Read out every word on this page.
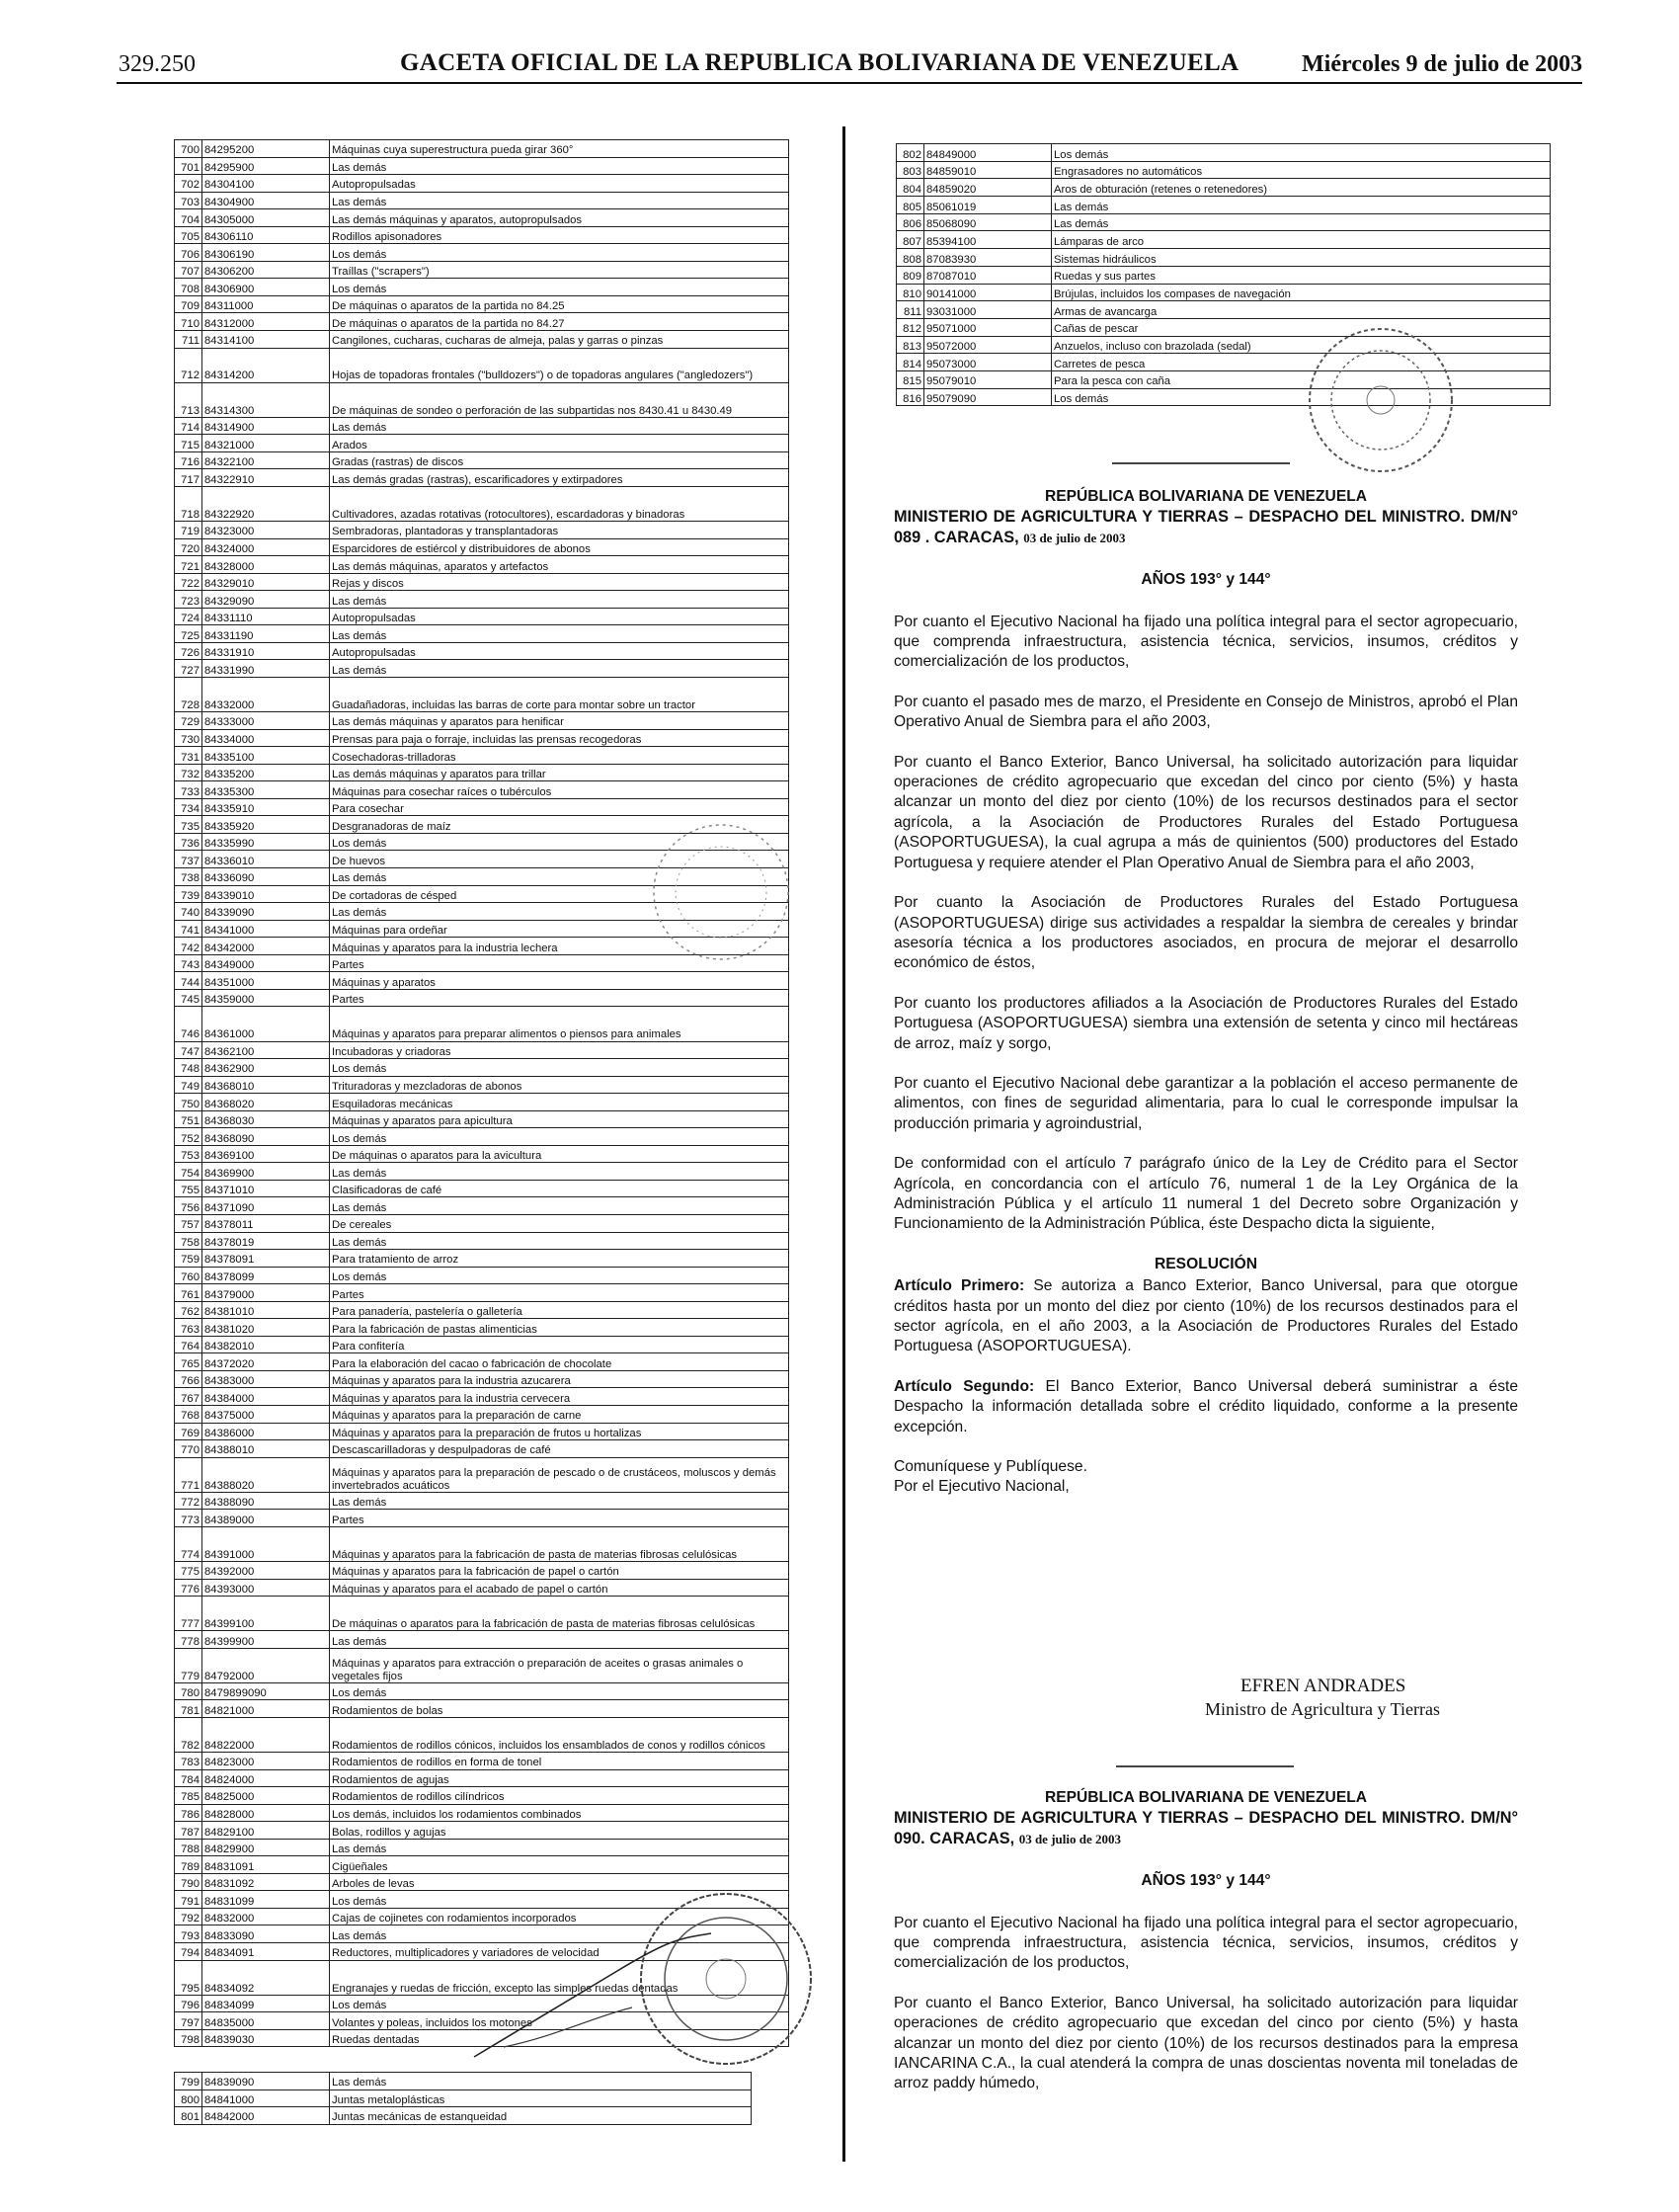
329.250	GACETA OFICIAL DE LA REPUBLICA BOLIVARIANA DE VENEZUELA	Miércoles 9 de julio de 2003
700	84295200	Máquinas cuya superestructura pueda girar 360°
701	84295900	Las demás
702	84304100	Autopropulsadas
703	84304900	Las demás
704	84305000	Las demás máquinas y aparatos, autopropulsados
705	84306110	Rodillos apisonadores
706	84306190	Los demás
707	84306200	Traíllas ("scrapers")
708	84306900	Los demás
709	84311000	De máquinas o aparatos de la partida no 84.25
710	84312000	De máquinas o aparatos de la partida no 84.27
711	84314100	Cangilones, cucharas, cucharas de almeja, palas y garras o pinzas
712	84314200	Hojas de topadoras frontales ("bulldozers") o de topadoras angulares ("angledozers")
713	84314300	De máquinas de sondeo o perforación de las subpartidas nos 8430.41 u 8430.49
714	84314900	Las demás
715	84321000	Arados
716	84322100	Gradas (rastras) de discos
717	84322910	Las demás gradas (rastras), escarificadores y extirpadores
718	84322920	Cultivadores, azadas rotativas (rotocultores), escardadoras y binadoras
719	84323000	Sembradoras, plantadoras y transplantadoras
720	84324000	Esparcidores de estiércol y distribuidores de abonos
721	84328000	Las demás máquinas, aparatos y artefactos
722	84329010	Rejas y discos
723	84329090	Las demás
724	84331110	Autopropulsadas
725	84331190	Las demás
726	84331910	Autopropulsadas
727	84331990	Las demás
728	84332000	Guadañadoras, incluidas las barras de corte para montar sobre un tractor
729	84333000	Las demás máquinas y aparatos para henificar
730	84334000	Prensas para paja o forraje, incluidas las prensas recogedoras
731	84335100	Cosechadoras-trilladoras
732	84335200	Las demás máquinas y aparatos para trillar
733	84335300	Máquinas para cosechar raíces o tubérculos
734	84335910	Para cosechar
735	84335920	Desgranadoras de maíz
736	84335990	Los demás
737	84336010	De huevos
738	84336090	Las demás
739	84339010	De cortadoras de césped
740	84339090	Las demás
741	84341000	Máquinas para ordeñar
742	84342000	Máquinas y aparatos para la industria lechera
743	84349000	Partes
744	84351000	Máquinas y aparatos
745	84359000	Partes
746	84361000	Máquinas y aparatos para preparar alimentos o piensos para animales
747	84362100	Incubadoras y criadoras
748	84362900	Los demás
749	84368010	Trituradoras y mezcladoras de abonos
750	84368020	Esquiladoras mecánicas
751	84368030	Máquinas y aparatos para apicultura
752	84368090	Los demás
753	84369100	De máquinas o aparatos para la avicultura
754	84369900	Las demás
755	84371010	Clasificadoras de café
756	84371090	Las demás
757	84378011	De cereales
758	84378019	Las demás
759	84378091	Para tratamiento de arroz
760	84378099	Los demás
761	84379000	Partes
762	84381010	Para panadería, pastelería o galletería
763	84381020	Para la fabricación de pastas alimenticias
764	84382010	Para confitería
765	84372020	Para la elaboración del cacao o fabricación de chocolate
766	84383000	Máquinas y aparatos para la industria azucarera
767	84384000	Máquinas y aparatos para la industria cervecera
768	84375000	Máquinas y aparatos para la preparación de carne
769	84386000	Máquinas y aparatos para la preparación de frutos u hortalizas
770	84388010	Descascarilladoras y despulpadoras de café
771	84388020	Máquinas y aparatos para la preparación de pescado o de crustáceos, moluscos y demás invertebrados acuáticos
772	84388090	Las demás
773	84389000	Partes
774	84391000	Máquinas y aparatos para la fabricación de pasta de materias fibrosas celulósicas
775	84392000	Máquinas y aparatos para la fabricación de papel o cartón
776	84393000	Máquinas y aparatos para el acabado de papel o cartón
777	84399100	De máquinas o aparatos para la fabricación de pasta de materias fibrosas celulósicas
778	84399900	Las demás
779	84792000	Máquinas y aparatos para extracción o preparación de aceites o grasas animales o vegetales fijos
780	8479899090	Los demás
781	84821000	Rodamientos de bolas
782	84822000	Rodamientos de rodillos cónicos, incluidos los ensamblados de conos y rodillos cónicos
783	84823000	Rodamientos de rodillos en forma de tonel
784	84824000	Rodamientos de agujas
785	84825000	Rodamientos de rodillos cilíndricos
786	84828000	Los demás, incluidos los rodamientos combinados
787	84829100	Bolas, rodillos y agujas
788	84829900	Las demás
789	84831091	Cigüeñales
790	84831092	Arboles de levas
791	84831099	Los demás
792	84832000	Cajas de cojinetes con rodamientos incorporados
793	84833090	Las demás
794	84834091	Reductores, multiplicadores y variadores de velocidad
795	84834092	Engranajes y ruedas de fricción, excepto las simples ruedas dentadas
796	84834099	Los demás
797	84835000	Volantes y poleas, incluidos los motones
798	84839030	Ruedas dentadas
799	84839090	Las demás
800	84841000	Juntas metaloplásticas
801	84842000	Juntas mecánicas de estanqueidad
802	84849000	Los demás
803	84859010	Engrasadores no automáticos
804	84859020	Aros de obturación (retenes o retenedores)
805	85061019	Las demás
806	85068090	Las demás
807	85394100	Lámparas de arco
808	87083930	Sistemas hidráulicos
809	87087010	Ruedas y sus partes
810	90141000	Brújulas, incluidos los compases de navegación
811	93031000	Armas de avancarga
812	95071000	Cañas de pescar
813	95072000	Anzuelos, incluso con brazolada (sedal)
814	95073000	Carretes de pesca
815	95079010	Para la pesca con caña
816	95079090	Los demás

REPÚBLICA BOLIVARIANA DE VENEZUELA

MINISTERIO DE AGRICULTURA Y TIERRAS – DESPACHO DEL MINISTRO. DM/N° 089 . CARACAS, 03 de julio de 2003

AÑOS 193° y 144°

Por cuanto el Ejecutivo Nacional ha fijado una política integral para el sector agropecuario, que comprenda infraestructura, asistencia técnica, servicios, insumos, créditos y comercialización de los productos,

Por cuanto el pasado mes de marzo, el Presidente en Consejo de Ministros, aprobó el Plan Operativo Anual de Siembra para el año 2003,

Por cuanto el Banco Exterior, Banco Universal, ha solicitado autorización para liquidar operaciones de crédito agropecuario que excedan del cinco por ciento (5%) y hasta alcanzar un monto del diez por ciento (10%) de los recursos destinados para el sector agrícola, a la Asociación de Productores Rurales del Estado Portuguesa (ASOPORTUGUESA), la cual agrupa a más de quinientos (500) productores del Estado Portuguesa y requiere atender el Plan Operativo Anual de Siembra para el año 2003,

Por cuanto la Asociación de Productores Rurales del Estado Portuguesa (ASOPORTUGUESA) dirige sus actividades a respaldar la siembra de cereales y brindar asesoría técnica a los productores asociados, en procura de mejorar el desarrollo económico de éstos,

Por cuanto los productores afiliados a la Asociación de Productores Rurales del Estado Portuguesa (ASOPORTUGUESA) siembra una extensión de setenta y cinco mil hectáreas de arroz, maíz y sorgo,

Por cuanto el Ejecutivo Nacional debe garantizar a la población el acceso permanente de alimentos, con fines de seguridad alimentaria, para lo cual le corresponde impulsar la producción primaria y agroindustrial,

De conformidad con el artículo 7 parágrafo único de la Ley de Crédito para el Sector Agrícola, en concordancia con el artículo 76, numeral 1 de la Ley Orgánica de la Administración Pública y el artículo 11 numeral 1 del Decreto sobre Organización y Funcionamiento de la Administración Pública, éste Despacho dicta la siguiente,

RESOLUCIÓN

Artículo Primero: Se autoriza a Banco Exterior, Banco Universal, para que otorgue créditos hasta por un monto del diez por ciento (10%) de los recursos destinados para el sector agrícola, en el año 2003, a la Asociación de Productores Rurales del Estado Portuguesa (ASOPORTUGUESA).

Artículo Segundo: El Banco Exterior, Banco Universal deberá suministrar a éste Despacho la información detallada sobre el crédito liquidado, conforme a la presente excepción.

Comuníquese y Publíquese.

Por el Ejecutivo Nacional,

EFREN ANDRADES
Ministro de Agricultura y Tierras

REPÚBLICA BOLIVARIANA DE VENEZUELA

MINISTERIO DE AGRICULTURA Y TIERRAS – DESPACHO DEL MINISTRO. DM/N° 090. CARACAS, 03 de julio de 2003

AÑOS 193° y 144°

Por cuanto el Ejecutivo Nacional ha fijado una política integral para el sector agropecuario, que comprenda infraestructura, asistencia técnica, servicios, insumos, créditos y comercialización de los productos,

Por cuanto el Banco Exterior, Banco Universal, ha solicitado autorización para liquidar operaciones de crédito agropecuario que excedan del cinco por ciento (5%) y hasta alcanzar un monto del diez por ciento (10%) de los recursos destinados para la empresa IANCARINA C.A., la cual atenderá la compra de unas doscientas noventa mil toneladas de arroz paddy húmedo,
